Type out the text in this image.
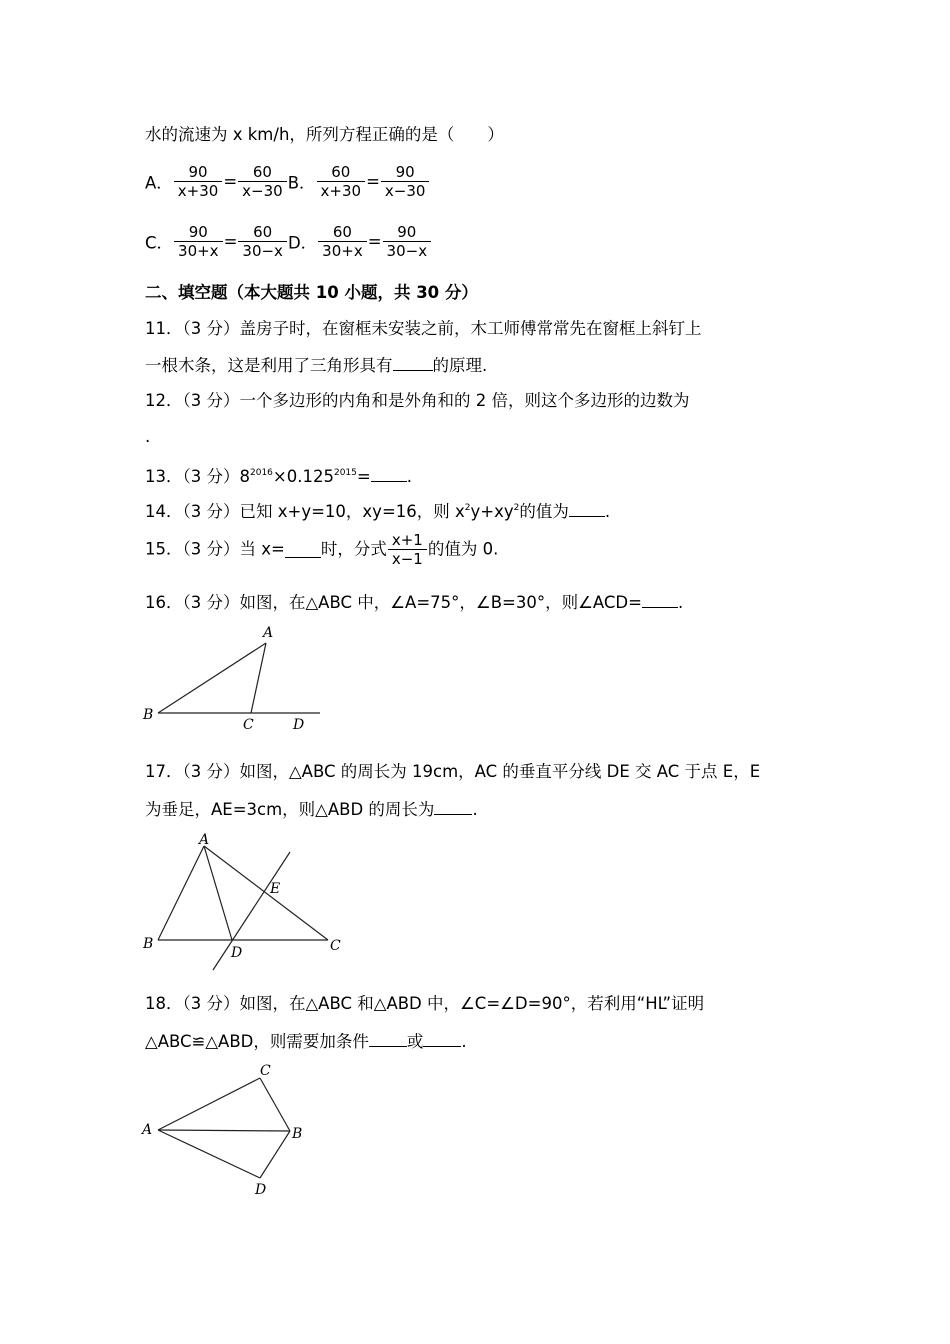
水的流速为 x km/h，所列方程正确的是（　　）
A． $\frac{90}{x+30} = \frac{60}{x-30}$ B． $\frac{60}{x+30} = \frac{90}{x-30}$
C． $\frac{90}{30+x} = \frac{60}{30-x}$ D． $\frac{60}{30+x} = \frac{90}{30-x}$
二、填空题（本大题共 10 小题，共 30 分）
11．（3 分）盖房子时，在窗框未安装之前，木工师傅常常先在窗框上斜钉上
一根木条，这是利用了三角形具有 的原理.
12．（3 分）一个多边形的内角和是外角和的 2 倍，则这个多边形的边数为
.
13．（3 分）$8^{2016}\times 0.125^{2015}=$ .
14．（3 分）已知 x+y=10，xy=16，则 $x^2y+xy^2$的值为 .
15．（3 分）当 x= 时，分式 $\frac{x+1}{x-1}$ 的值为 0.
16．（3 分）如图，在△ABC 中，∠A=75°，∠B=30°，则∠ACD= .
A
B
C	D
17．（3 分）如图，△ABC 的周长为 19cm，AC 的垂直平分线 DE 交 AC 于点 E，E
为垂足，AE=3cm，则△ABD 的周长为 .
A
B	C
D
E
18．（3 分）如图，在△ABC 和△ABD 中，∠C=∠D=90°，若利用“HL”证明
△ABC≌△ABD，则需要加条件 或 .
C
A	B
D
